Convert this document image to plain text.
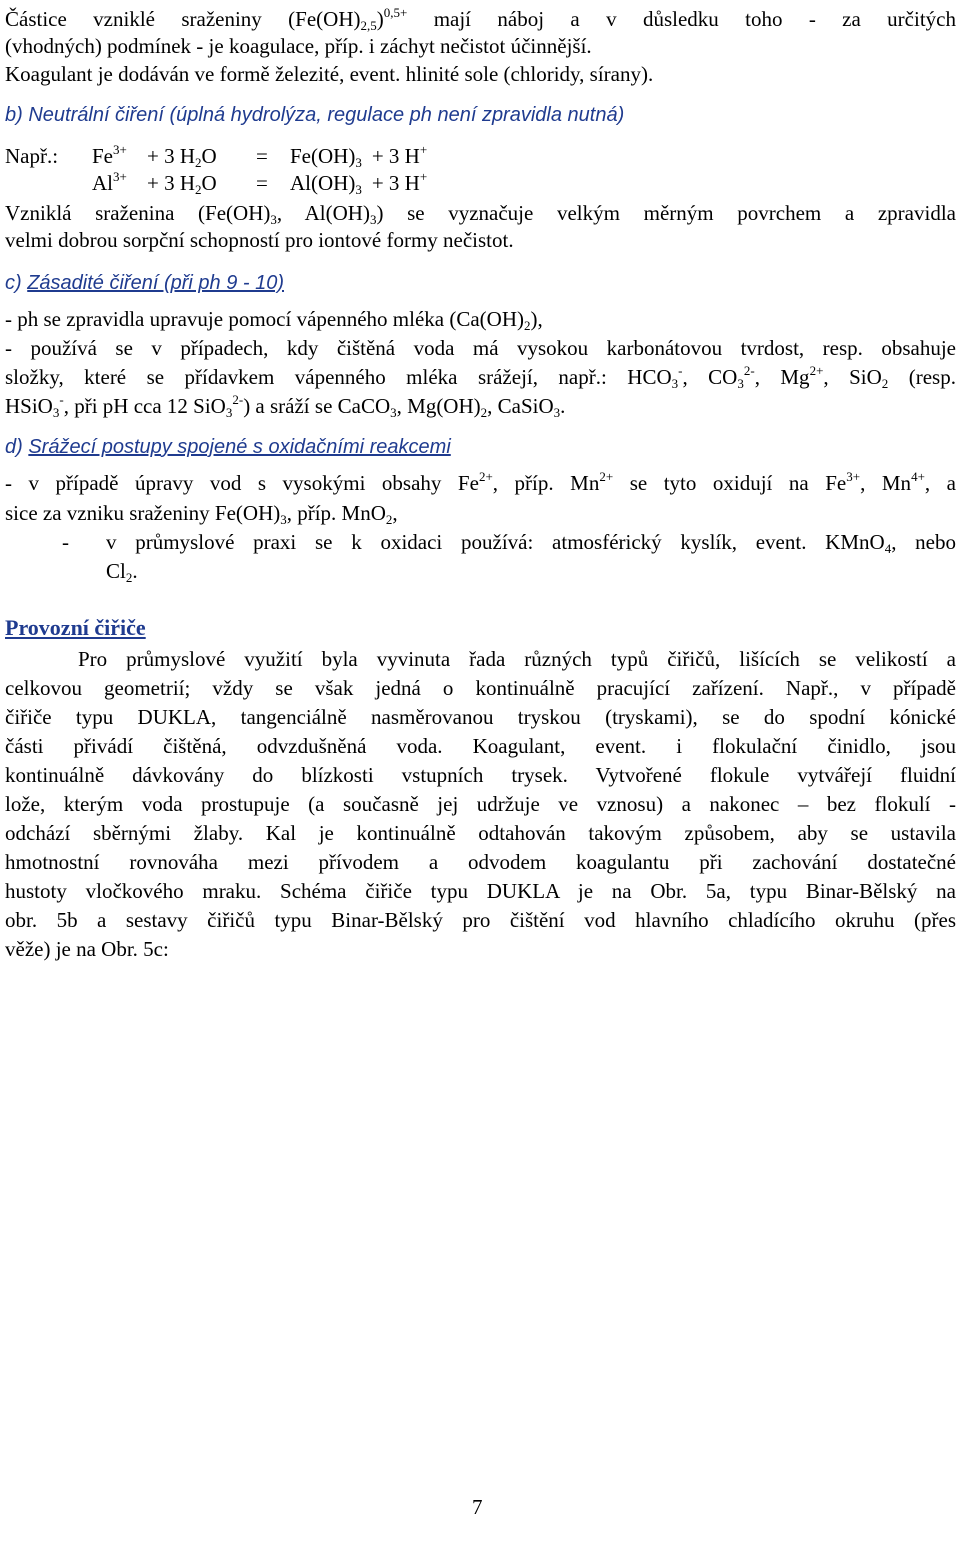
Částice vzniklé sraženiny $(Fe(OH)_{2,5})^{0,5+}$ mají náboj a v důsledku toho - za určitých
(vhodných) podmínek - je koagulace, příp. i záchyt nečistot účinnější.
Koagulant je dodáván ve formě železité, event. hlinité sole (chloridy, sírany).
b) Neutrální čiření (úplná hydrolýza, regulace ph není zpravidla nutná)
Např.: $Fe^{3+} + 3$ $H_2O = Fe(OH)_3 + 3$ H+
$Al^{3+} + 3$ $H_2O = Al(OH)_3 + 3$ H+
Vzniklá sraženina ($Fe(OH)_3$, $Al(OH)_3$) se vyznačuje velkým měrným povrchem a zpravidla
velmi dobrou sorpční schopností pro iontové formy nečistot.
c) Zásadité čiření (při ph 9 - 10)
- ph se zpravidla upravuje pomocí vápenného mléka $(Ca(OH)_2)$,
- používá se v případech, kdy čištěná voda má vysokou karbonátovou tvrdost, resp. obsahuje
složky, které se přídavkem vápenného mléka srážejí, např.: $HCO_3^-$, $CO_3^{2-}$, $Mg^{2+}$, SiO$_2$ (resp.
HSiO$_3$-, při pH cca 12 SiO$_3^{2-}$) a sráží se CaCO$_3$, $Mg(OH)_2$, CaSiO$_3$.
d) Srážecí postupy spojené s oxidačními reakcemi
- v případě úpravy vod s vysokými obsahy $Fe^{2+}$, příp. $Mn^{2+}$ se tyto oxidují na $Fe^{3+}$, $Mn^{4+}$, a
sice za vzniku sraženiny $Fe(OH)_3$, příp. MnO$_2$,
- v průmyslové praxi se k oxidaci používá: atmosférický kyslík, event. KMnO$_4$, nebo
$Cl_2$.
Provozní čiřiče
Pro průmyslové využití byla vyvinuta řada různých typů čiřičů, lišících se velikostí a
celkovou geometrií; vždy se však jedná o kontinuálně pracující zařízení. Např., v případě
čiřiče typu DUKLA, tangenciálně nasměrovanou tryskou (tryskami), se do spodní kónické
části přivádí čištěná, odvzdušněná voda. Koagulant, event. i flokulační činidlo, jsou
kontinuálně dávkovány do blízkosti vstupních trysek. Vytvořené flokule vytvářejí fluidní
lože, kterým voda prostupuje (a současně jej udržuje ve vznosu) a nakonec – bez flokulí -
odchází sběrnými žlaby. Kal je kontinuálně odtahován takovým způsobem, aby se ustavila
hmotnostní rovnováha mezi přívodem a odvodem koagulantu při zachování dostatečné
hustoty vločkového mraku. Schéma čiřiče typu DUKLA je na Obr. 5a, typu Binar-Bělský na
obr. 5b a sestavy čiřičů typu Binar-Bělský pro čištění vod hlavního chladícího okruhu (přes
věže) je na Obr. 5c:
7
